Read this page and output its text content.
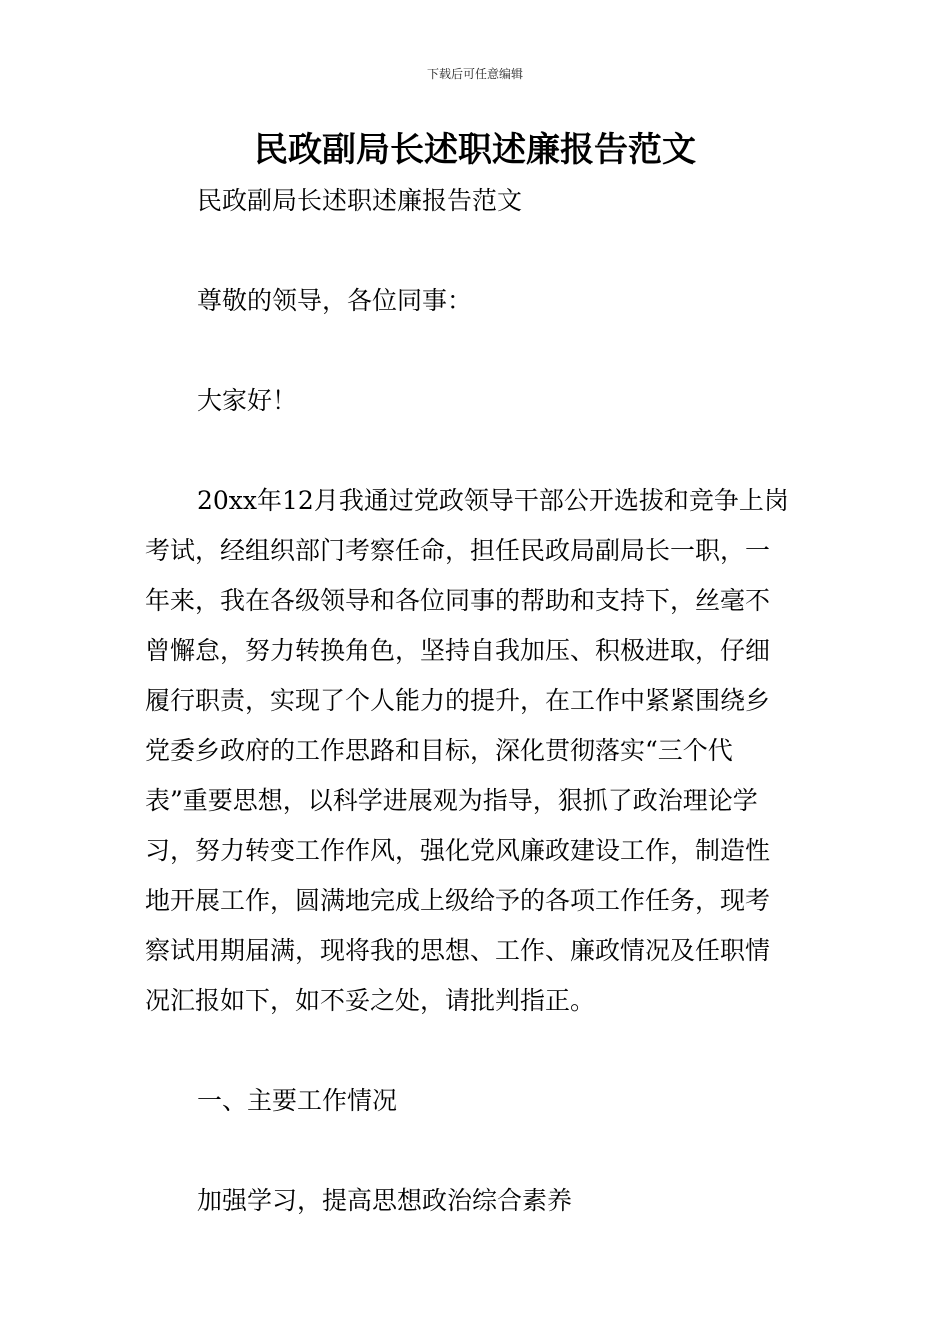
下载后可任意编辑
民政副局长述职述廉报告范文
民政副局长述职述廉报告范文
尊敬的领导，各位同事：
大家好！
20xx年12月我通过党政领导干部公开选拔和竞争上岗
考试，经组织部门考察任命，担任民政局副局长一职，一
年来，我在各级领导和各位同事的帮助和支持下，丝毫不
曾懈怠，努力转换角色，坚持自我加压、积极进取，仔细
履行职责，实现了个人能力的提升，在工作中紧紧围绕乡
党委乡政府的工作思路和目标，深化贯彻落实“三个代
表”重要思想，以科学进展观为指导，狠抓了政治理论学
习，努力转变工作作风，强化党风廉政建设工作，制造性
地开展工作，圆满地完成上级给予的各项工作任务，现考
察试用期届满，现将我的思想、工作、廉政情况及任职情
况汇报如下，如不妥之处，请批判指正。
一、主要工作情况
加强学习，提高思想政治综合素养
